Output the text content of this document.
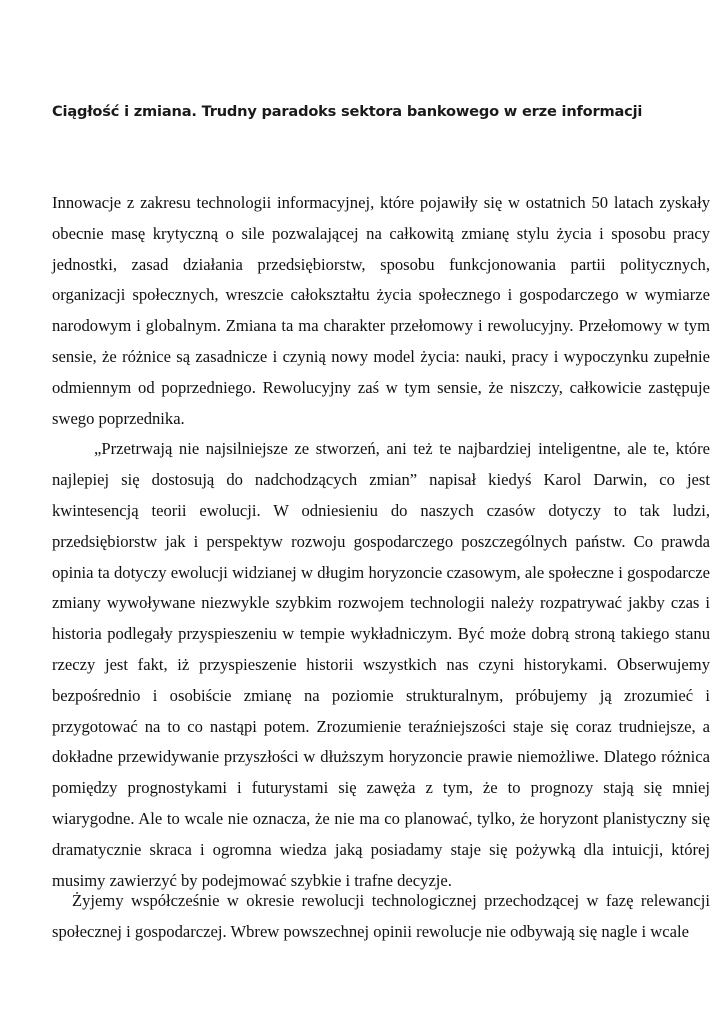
Ciągłość i zmiana. Trudny paradoks sektora bankowego w erze informacji

Innowacje z zakresu technologii informacyjnej, które pojawiły się w ostatnich 50 latach zyskały obecnie masę krytyczną o sile pozwalającej na całkowitą zmianę stylu życia i sposobu pracy jednostki, zasad działania przedsiębiorstw, sposobu funkcjonowania partii politycznych, organizacji społecznych, wreszcie całokształtu życia społecznego i gospodarczego w wymiarze narodowym i globalnym. Zmiana ta ma charakter przełomowy i rewolucyjny. Przełomowy w tym sensie, że różnice są zasadnicze i czynią nowy model życia: nauki, pracy i wypoczynku zupełnie odmiennym od poprzedniego. Rewolucyjny zaś w tym sensie, że niszczy, całkowicie zastępuje swego poprzednika.

„Przetrwają nie najsilniejsze ze stworzeń, ani też te najbardziej inteligentne, ale te, które najlepiej się dostosują do nadchodzących zmian” napisał kiedyś Karol Darwin, co jest kwintesencją teorii ewolucji. W odniesieniu do naszych czasów dotyczy to tak ludzi, przedsiębiorstw jak i perspektyw rozwoju gospodarczego poszczególnych państw. Co prawda opinia ta dotyczy ewolucji widzianej w długim horyzoncie czasowym, ale społeczne i gospodarcze zmiany wywoływane niezwykle szybkim rozwojem technologii należy rozpatrywać jakby czas i historia podlegały przyspieszeniu w tempie wykładniczym. Być może dobrą stroną takiego stanu rzeczy jest fakt, iż przyspieszenie historii wszystkich nas czyni historykami. Obserwujemy bezpośrednio i osobiście zmianę na poziomie strukturalnym, próbujemy ją zrozumieć i przygotować na to co nastąpi potem. Zrozumienie teraźniejszości staje się coraz trudniejsze, a dokładne przewidywanie przyszłości w dłuższym horyzoncie prawie niemożliwe. Dlatego różnica pomiędzy prognostykami i futurystami się zawęża z tym, że to prognozy stają się mniej wiarygodne. Ale to wcale nie oznacza, że nie ma co planować, tylko, że horyzont planistyczny się dramatycznie skraca i ogromna wiedza jaką posiadamy staje się pożywką dla intuicji, której musimy zawierzyć by podejmować szybkie i trafne decyzje.

Żyjemy współcześnie w okresie rewolucji technologicznej przechodzącej w fazę relewancji społecznej i gospodarczej. Wbrew powszechnej opinii rewolucje nie odbywają się nagle i wcale
